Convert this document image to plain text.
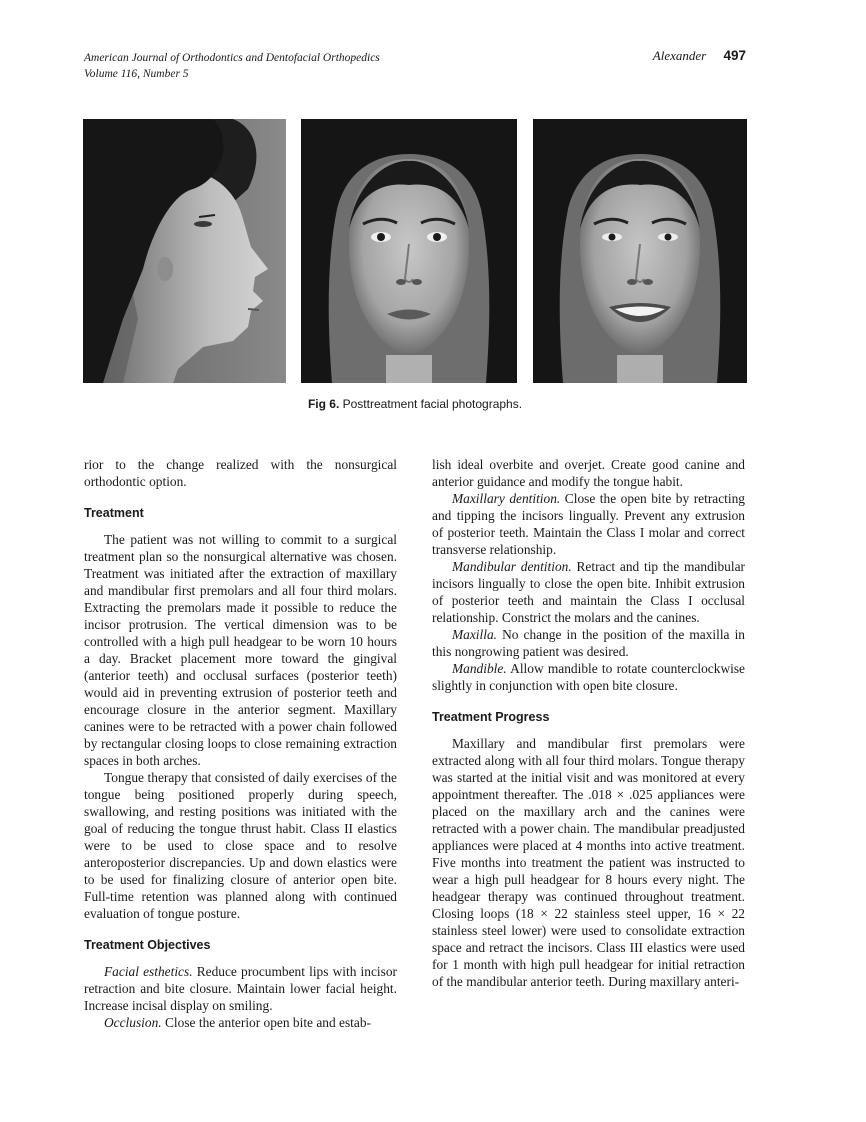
American Journal of Orthodontics and Dentofacial Orthopedics
Volume 116, Number 5
Alexander 497
Fig 6. Posttreatment facial photographs.

rior to the change realized with the nonsurgical orthodontic option.

Treatment

The patient was not willing to commit to a surgical treatment plan so the nonsurgical alternative was chosen. Treatment was initiated after the extraction of maxillary and mandibular first premolars and all four third molars. Extracting the premolars made it possible to reduce the incisor protrusion. The vertical dimension was to be controlled with a high pull headgear to be worn 10 hours a day. Bracket placement more toward the gingival (anterior teeth) and occlusal surfaces (posterior teeth) would aid in preventing extrusion of posterior teeth and encourage closure in the anterior segment. Maxillary canines were to be retracted with a power chain followed by rectangular closing loops to close remaining extraction spaces in both arches.

Tongue therapy that consisted of daily exercises of the tongue being positioned properly during speech, swallowing, and resting positions was initiated with the goal of reducing the tongue thrust habit. Class II elastics were to be used to close space and to resolve anteroposterior discrepancies. Up and down elastics were to be used for finalizing closure of anterior open bite. Full-time retention was planned along with continued evaluation of tongue posture.

Treatment Objectives

Facial esthetics. Reduce procumbent lips with incisor retraction and bite closure. Maintain lower facial height. Increase incisal display on smiling.

Occlusion. Close the anterior open bite and estab-

lish ideal overbite and overjet. Create good canine and anterior guidance and modify the tongue habit.

Maxillary dentition. Close the open bite by retracting and tipping the incisors lingually. Prevent any extrusion of posterior teeth. Maintain the Class I molar and correct transverse relationship.

Mandibular dentition. Retract and tip the mandibular incisors lingually to close the open bite. Inhibit extrusion of posterior teeth and maintain the Class I occlusal relationship. Constrict the molars and the canines.

Maxilla. No change in the position of the maxilla in this nongrowing patient was desired.

Mandible. Allow mandible to rotate counterclockwise slightly in conjunction with open bite closure.

Treatment Progress

Maxillary and mandibular first premolars were extracted along with all four third molars. Tongue therapy was started at the initial visit and was monitored at every appointment thereafter. The .018 × .025 appliances were placed on the maxillary arch and the canines were retracted with a power chain. The mandibular preadjusted appliances were placed at 4 months into active treatment. Five months into treatment the patient was instructed to wear a high pull headgear for 8 hours every night. The headgear therapy was continued throughout treatment. Closing loops (18 × 22 stainless steel upper, 16 × 22 stainless steel lower) were used to consolidate extraction space and retract the incisors. Class III elastics were used for 1 month with high pull headgear for initial retraction of the mandibular anterior teeth. During maxillary anteri-
